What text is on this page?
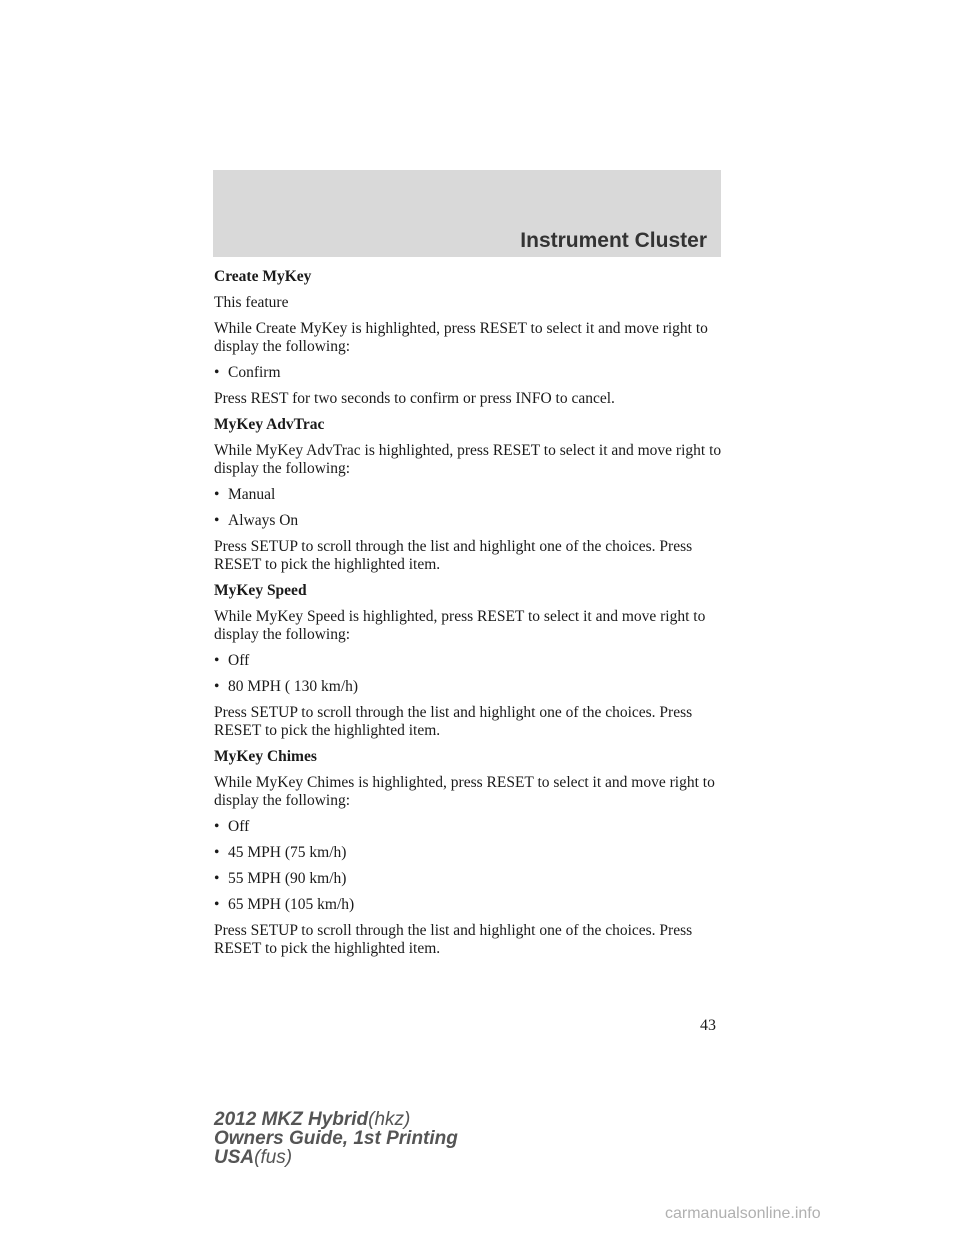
Instrument Cluster

Create MyKey

This feature

While Create MyKey is highlighted, press RESET to select it and move right to display the following:

• Confirm

Press REST for two seconds to confirm or press INFO to cancel.

MyKey AdvTrac

While MyKey AdvTrac is highlighted, press RESET to select it and move right to display the following:

• Manual
• Always On

Press SETUP to scroll through the list and highlight one of the choices. Press RESET to pick the highlighted item.

MyKey Speed

While MyKey Speed is highlighted, press RESET to select it and move right to display the following:

• Off
• 80 MPH ( 130 km/h)

Press SETUP to scroll through the list and highlight one of the choices. Press RESET to pick the highlighted item.

MyKey Chimes

While MyKey Chimes is highlighted, press RESET to select it and move right to display the following:

• Off
• 45 MPH (75 km/h)
• 55 MPH (90 km/h)
• 65 MPH (105 km/h)

Press SETUP to scroll through the list and highlight one of the choices. Press RESET to pick the highlighted item.

43

2012 MKZ Hybrid(hkz)

Owners Guide, 1st Printing

USA(fus)

carmanualsonline.info
